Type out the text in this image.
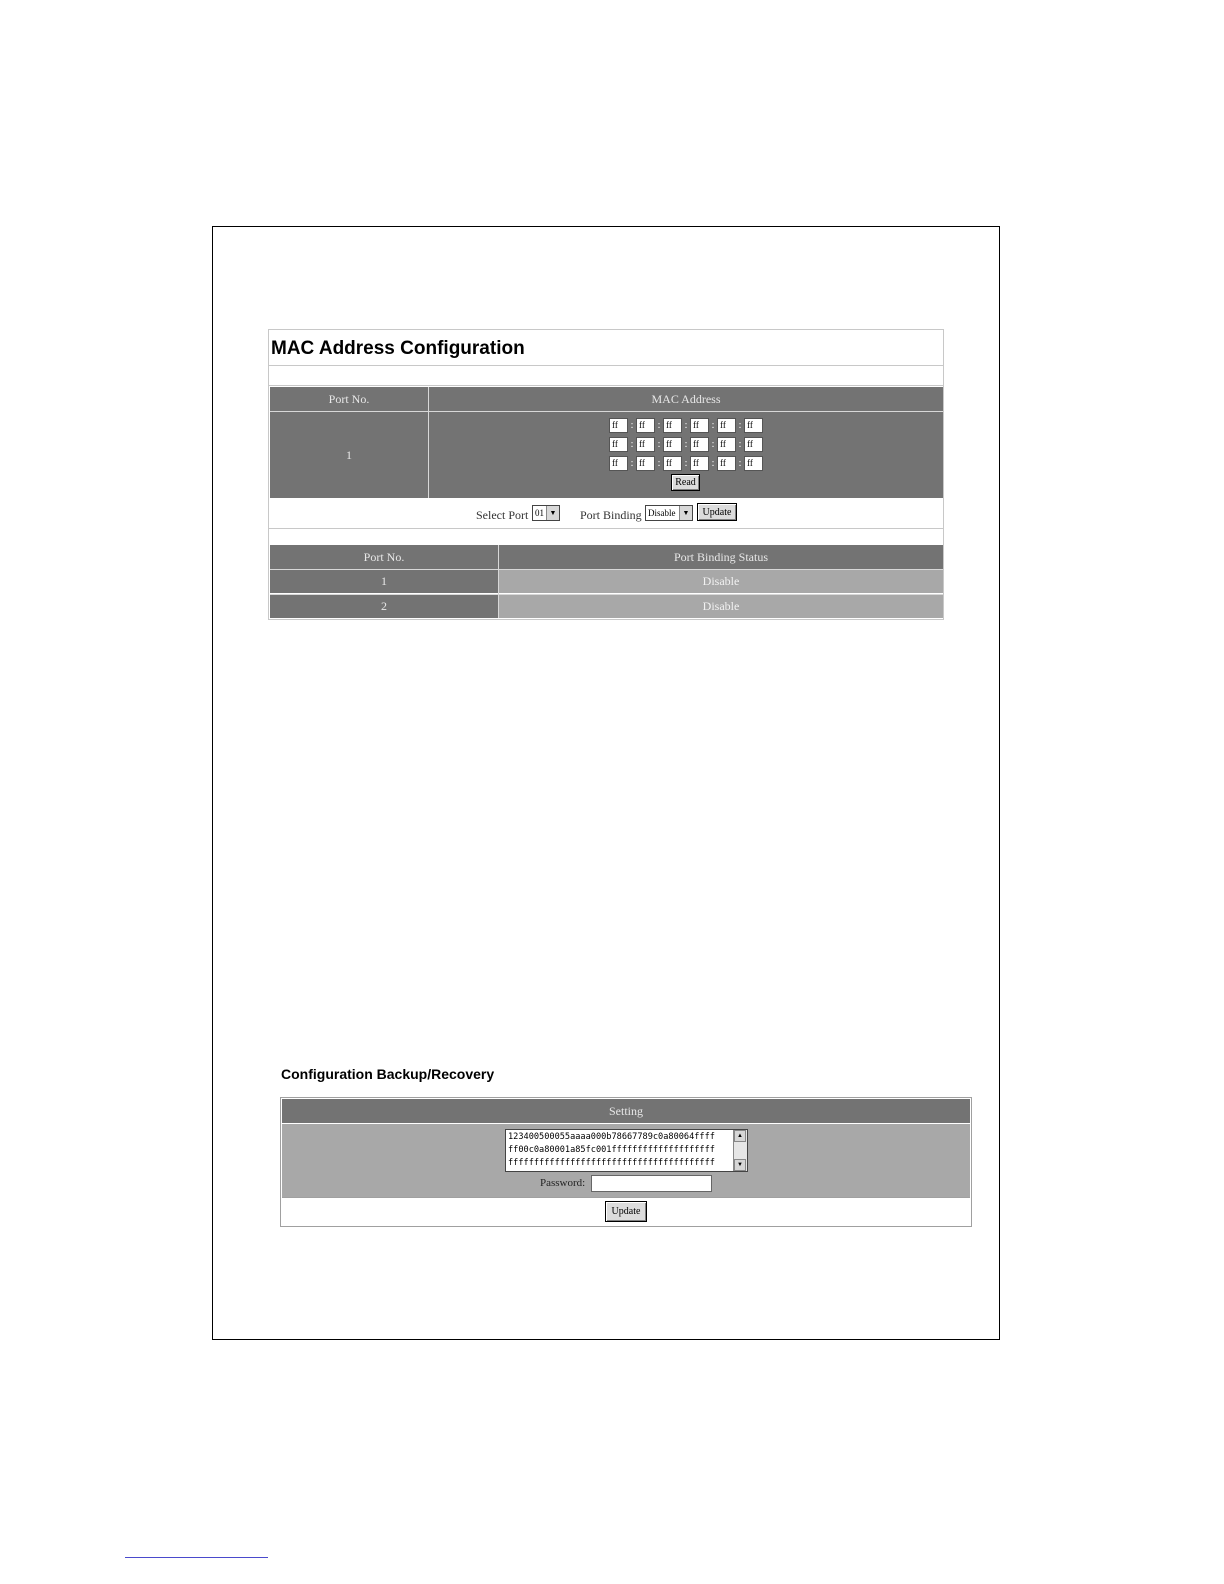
MAC Address Configuration
Port No.	MAC Address
1
ff	: ff	: ff	: ff	: ff	: ff
ff	: ff	: ff	: ff	: ff	: ff
ff	: ff	: ff	: ff	: ff	: ff
Read
Select Port 01 ▼ Port Binding Disable	▼	Update
Port No.	Port Binding Status
1	Disable
2	Disable
Configuration Backup/Recovery
Setting
123400500055aaaa000b78667789c0a80064ffff
ff00c0a80001a85fc001ffffffffffffffffffff
ffffffffffffffffffffffffffffffffffffffff
▲
▼
Password:
Update
